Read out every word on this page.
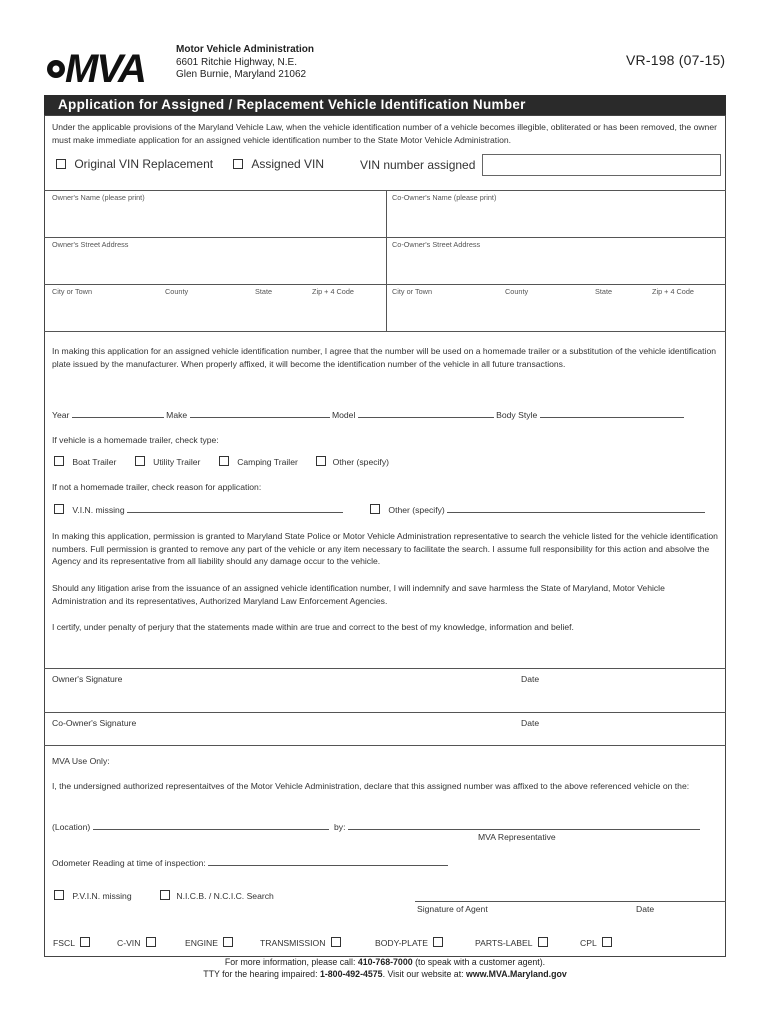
MVA	Motor Vehicle Administration
6601 Ritchie Highway, N.E.
Glen Burnie, Maryland 21062
VR-198 (07-15)
Application for Assigned / Replacement Vehicle Identification Number
Under the applicable provisions of the Maryland Vehicle Law, when the vehicle identification number of a vehicle becomes illegible, obliterated or has been removed, the owner must make immediate application for an assigned vehicle identification number to the State Motor Vehicle Administration.
Original VIN Replacement	Assigned VIN	VIN number assigned
Owner's Name (please print)	Co-Owner's Name (please print)
Owner's Street Address	Co-Owner's Street Address
City or Town	County	State	Zip + 4 Code	City or Town	County	State	Zip + 4 Code
In making this application for an assigned vehicle identification number, I agree that the number will be used on a homemade trailer or a substitution of the vehicle identification plate issued by the manufacturer. When properly affixed, it will become the identification number of the vehicle in all future transactions.
Year	Make	Model	Body Style
If vehicle is a homemade trailer, check type:
Boat Trailer	Utility Trailer	Camping Trailer	Other (specify)
If not a homemade trailer, check reason for application:
V.I.N. missing	Other (specify)
In making this application, permission is granted to Maryland State Police or Motor Vehicle Administration representative to search the vehicle listed for the vehicle identification numbers. Full permission is granted to remove any part of the vehicle or any item necessary to facilitate the search. I assume full responsibility for this action and absolve the Agency and its representative from all liability should any damage occur to the vehicle.
Should any litigation arise from the issuance of an assigned vehicle identification number, I will indemnify and save harmless the State of Maryland, Motor Vehicle Administration and its representatives, Authorized Maryland Law Enforcement Agencies.
I certify, under penalty of perjury that the statements made within are true and correct to the best of my knowledge, information and belief.
Owner's Signature	Date
Co-Owner's Signature	Date
MVA Use Only:
I, the undersigned authorized representaitves of the Motor Vehicle Administration, declare that this assigned number was affixed to the above referenced vehicle on the:
(Location)	by:
MVA Representative
Odometer Reading at time of inspection:
P.V.I.N. missing	N.I.C.B. / N.C.I.C. Search
Signature of Agent	Date
FSCL	C-VIN	ENGINE	TRANSMISSION	BODY-PLATE	PARTS-LABEL	CPL
For more information, please call: 410-768-7000 (to speak with a customer agent).
TTY for the hearing impaired: 1-800-492-4575. Visit our website at: www.MVA.Maryland.gov
